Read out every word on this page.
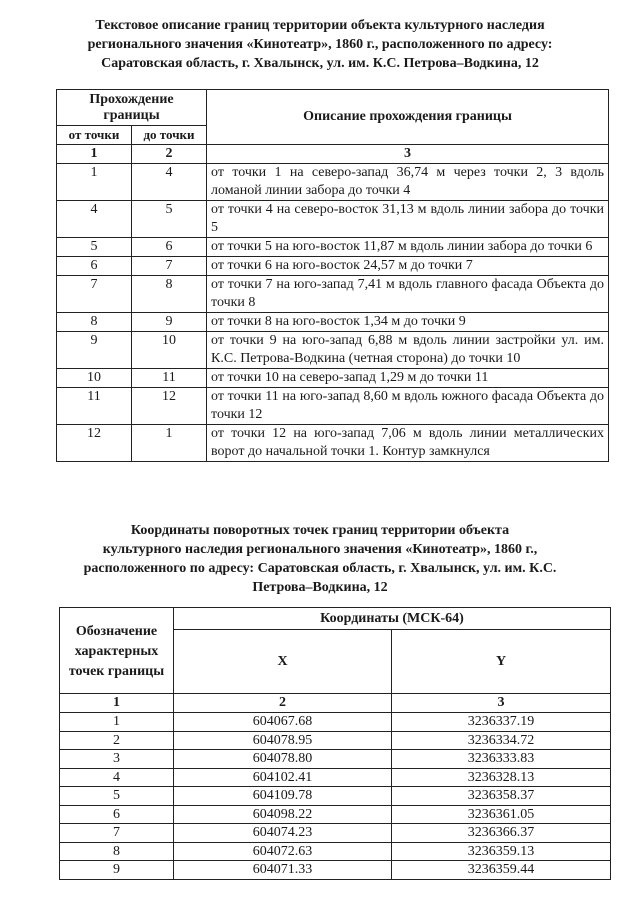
Текстовое описание границ территории объекта культурного наследия
регионального значения «Кинотеатр», 1860 г., расположенного по адресу:
Саратовская область, г. Хвалынск, ул. им. К.С. Петрова–Водкина, 12
Прохождение границы		Описание прохождения границы
от точки	до точки	
1	2	3
1	4	от точки 1 на северо-запад 36,74 м через точки 2, 3 вдоль ломаной линии забора до точки 4
4	5	от точки 4 на северо-восток 31,13 м вдоль линии забора до точки 5
5	6	от точки 5 на юго-восток 11,87 м вдоль линии забора до точки 6
6	7	от точки 6 на юго-восток 24,57 м до точки 7
7	8	от точки 7 на юго-запад 7,41 м вдоль главного фасада Объекта до точки 8
8	9	от точки 8 на юго-восток 1,34 м до точки 9
9	10	от точки 9 на юго-запад 6,88 м вдоль линии застройки ул. им. К.С. Петрова-Водкина (четная сторона) до точки 10
10	11	от точки 10 на северо-запад 1,29 м до точки 11
11	12	от точки 11 на юго-запад 8,60 м вдоль южного фасада Объекта до точки 12
12	1	от точки 12 на юго-запад 7,06 м вдоль линии металлических ворот до начальной точки 1. Контур замкнулся
Координаты поворотных точек границ территории объекта
культурного наследия регионального значения «Кинотеатр», 1860 г.,
расположенного по адресу: Саратовская область, г. Хвалынск, ул. им. К.С.
Петрова–Водкина, 12
Обозначение характерных точек границы	Координаты (МСК-64)	
	X	Y
1	2	3
1	604067.68	3236337.19
2	604078.95	3236334.72
3	604078.80	3236333.83
4	604102.41	3236328.13
5	604109.78	3236358.37
6	604098.22	3236361.05
7	604074.23	3236366.37
8	604072.63	3236359.13
9	604071.33	3236359.44
